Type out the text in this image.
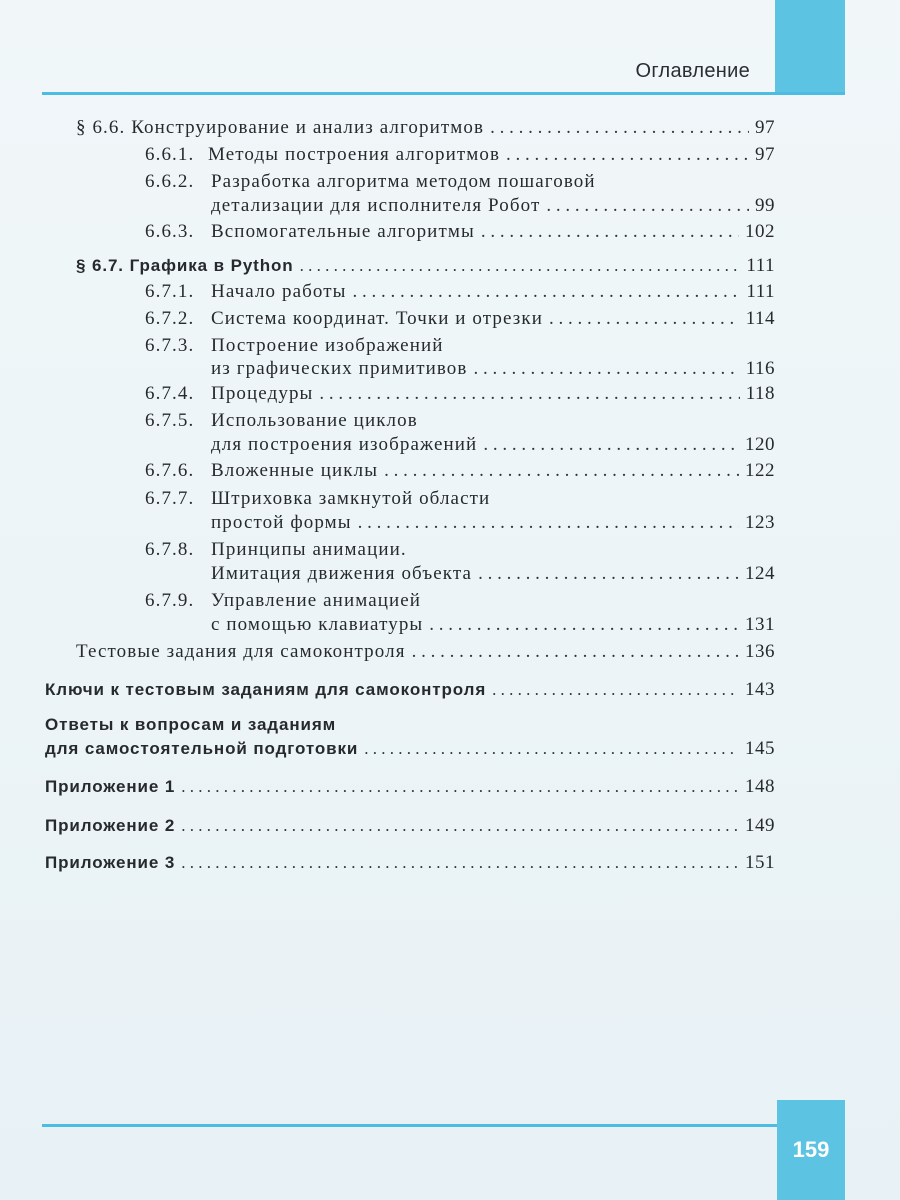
Оглавление
§ 6.6. Конструирование и анализ алгоритмов . . .	97
6.6.1. Методы построения алгоритмов . . .	97
6.6.2. Разработка алгоритма методом пошаговой
детализации для исполнителя Робот . . .	99
6.6.3. Вспомогательные алгоритмы . . .	102
§ 6.7. Графика в Python . . .	111
6.7.1. Начало работы . . .	111
6.7.2. Система координат. Точки и отрезки . . .	114
6.7.3. Построение изображений
из графических примитивов . . .	116
6.7.4. Процедуры . . .	118
6.7.5. Использование циклов
для построения изображений . . .	120
6.7.6. Вложенные циклы . . .	122
6.7.7. Штриховка замкнутой области
простой формы . . .	123
6.7.8. Принципы анимации.
Имитация движения объекта . . .	124
6.7.9. Управление анимацией
с помощью клавиатуры . . .	131
Тестовые задания для самоконтроля . . .	136
Ключи к тестовым заданиям для самоконтроля . . .	143
Ответы к вопросам и заданиям
для самостоятельной подготовки . . .	145
Приложение 1 . . .	148
Приложение 2 . . .	149
Приложение 3 . . .	151
159
